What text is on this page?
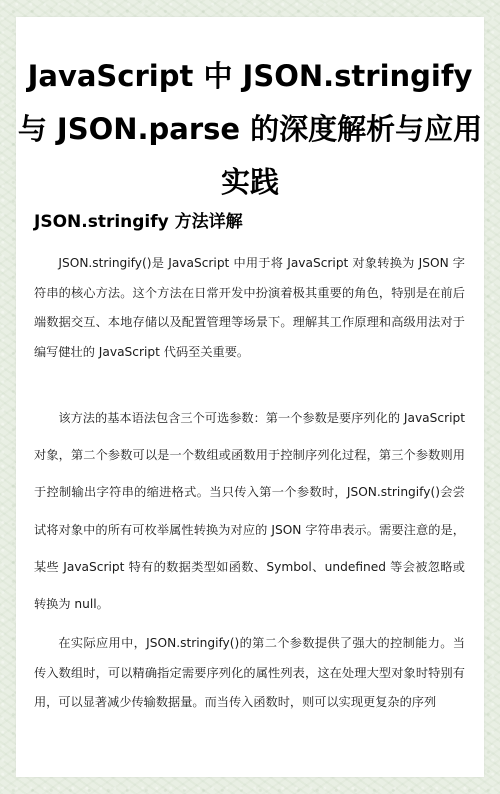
JavaScript 中 JSON.stringify 与 JSON.parse 的深度解析与应用实践
JSON.stringify 方法详解

JSON.stringify()是 JavaScript 中用于将 JavaScript 对象转换为 JSON 字符串的核心方法。这个方法在日常开发中扮演着极其重要的角色，特别是在前后端数据交互、本地存储以及配置管理等场景下。理解其工作原理和高级用法对于编写健壮的 JavaScript 代码至关重要。

该方法的基本语法包含三个可选参数：第一个参数是要序列化的 JavaScript 对象，第二个参数可以是一个数组或函数用于控制序列化过程，第三个参数则用于控制输出字符串的缩进格式。当只传入第一个参数时，JSON.stringify()会尝试将对象中的所有可枚举属性转换为对应的 JSON 字符串表示。需要注意的是，某些 JavaScript 特有的数据类型如函数、Symbol、undefined 等会被忽略或转换为 null。

在实际应用中，JSON.stringify()的第二个参数提供了强大的控制能力。当传入数组时，可以精确指定需要序列化的属性列表，这在处理大型对象时特别有用，可以显著减少传输数据量。而当传入函数时，则可以实现更复杂的序列
